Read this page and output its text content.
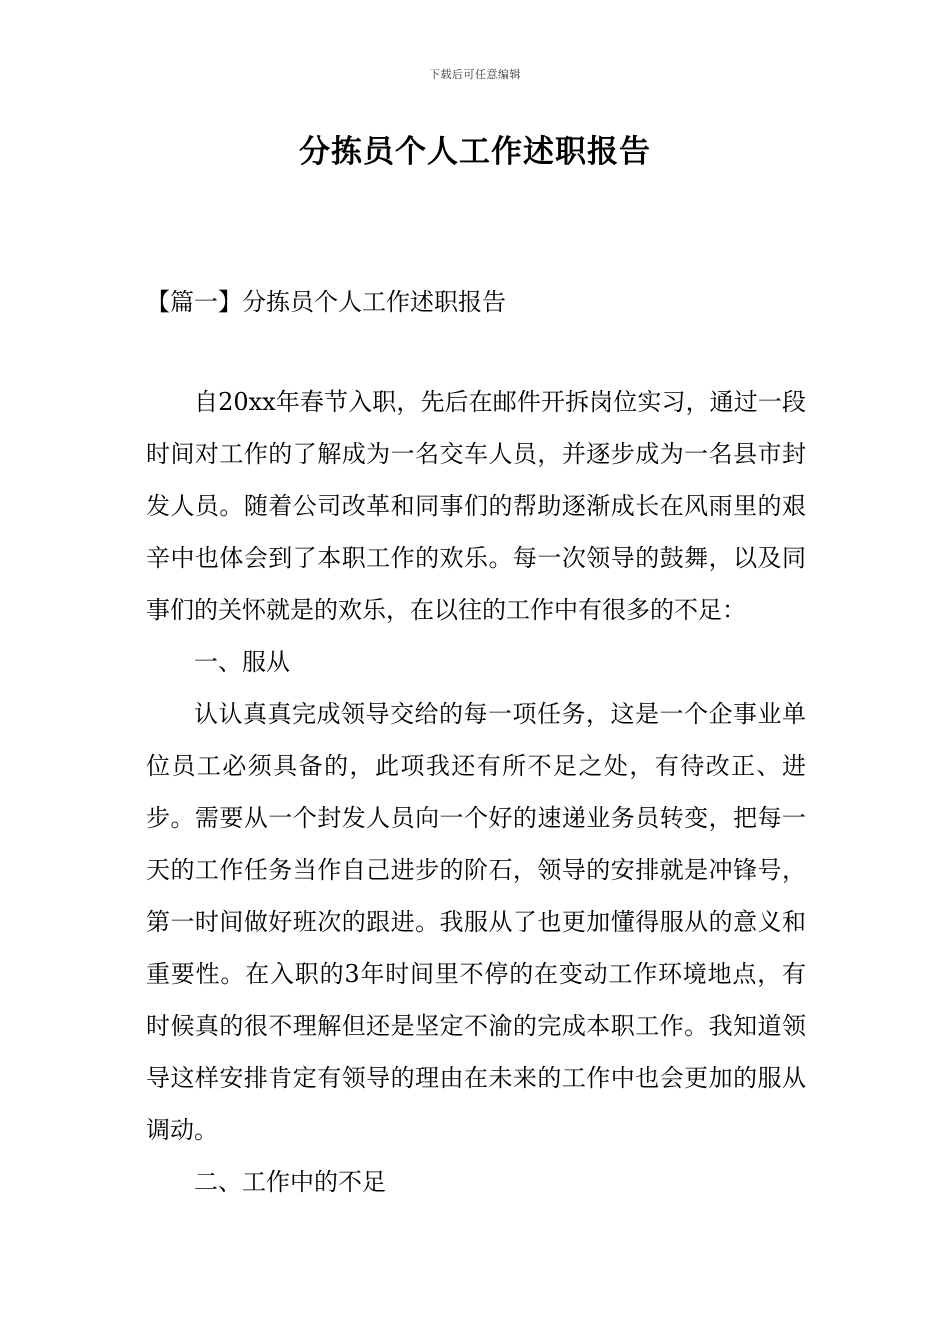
下载后可任意编辑
分拣员个人工作述职报告
【篇一】分拣员个人工作述职报告

自20xx年春节入职，先后在邮件开拆岗位实习，通过一段时间对工作的了解成为一名交车人员，并逐步成为一名县市封发人员。随着公司改革和同事们的帮助逐渐成长在风雨里的艰辛中也体会到了本职工作的欢乐。每一次领导的鼓舞，以及同事们的关怀就是的欢乐，在以往的工作中有很多的不足：

一、服从

认认真真完成领导交给的每一项任务，这是一个企事业单位员工必须具备的，此项我还有所不足之处，有待改正、进步。需要从一个封发人员向一个好的速递业务员转变，把每一天的工作任务当作自己进步的阶石，领导的安排就是冲锋号，第一时间做好班次的跟进。我服从了也更加懂得服从的意义和重要性。在入职的3年时间里不停的在变动工作环境地点，有时候真的很不理解但还是坚定不渝的完成本职工作。我知道领导这样安排肯定有领导的理由在未来的工作中也会更加的服从调动。

二、工作中的不足
